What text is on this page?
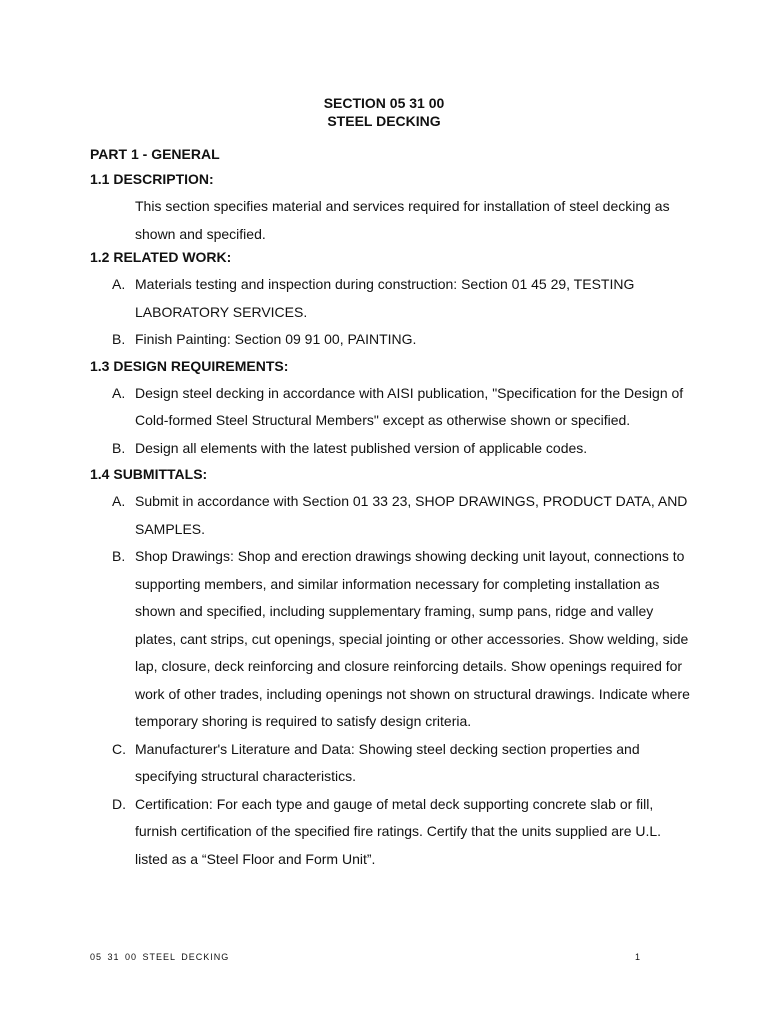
SECTION 05 31 00
STEEL DECKING
PART 1 - GENERAL
1.1 DESCRIPTION:
This section specifies material and services required for installation of steel decking as shown and specified.
1.2 RELATED WORK:
A. Materials testing and inspection during construction: Section 01 45 29, TESTING LABORATORY SERVICES.
B. Finish Painting: Section 09 91 00, PAINTING.
1.3 DESIGN REQUIREMENTS:
A. Design steel decking in accordance with AISI publication, "Specification for the Design of Cold-formed Steel Structural Members" except as otherwise shown or specified.
B. Design all elements with the latest published version of applicable codes.
1.4 SUBMITTALS:
A. Submit in accordance with Section 01 33 23, SHOP DRAWINGS, PRODUCT DATA, AND SAMPLES.
B. Shop Drawings: Shop and erection drawings showing decking unit layout, connections to supporting members, and similar information necessary for completing installation as shown and specified, including supplementary framing, sump pans, ridge and valley plates, cant strips, cut openings, special jointing or other accessories. Show welding, side lap, closure, deck reinforcing and closure reinforcing details. Show openings required for work of other trades, including openings not shown on structural drawings. Indicate where temporary shoring is required to satisfy design criteria.
C. Manufacturer's Literature and Data: Showing steel decking section properties and specifying structural characteristics.
D. Certification: For each type and gauge of metal deck supporting concrete slab or fill, furnish certification of the specified fire ratings. Certify that the units supplied are U.L. listed as a “Steel Floor and Form Unit”.
05 31 00 STEEL DECKING	1
